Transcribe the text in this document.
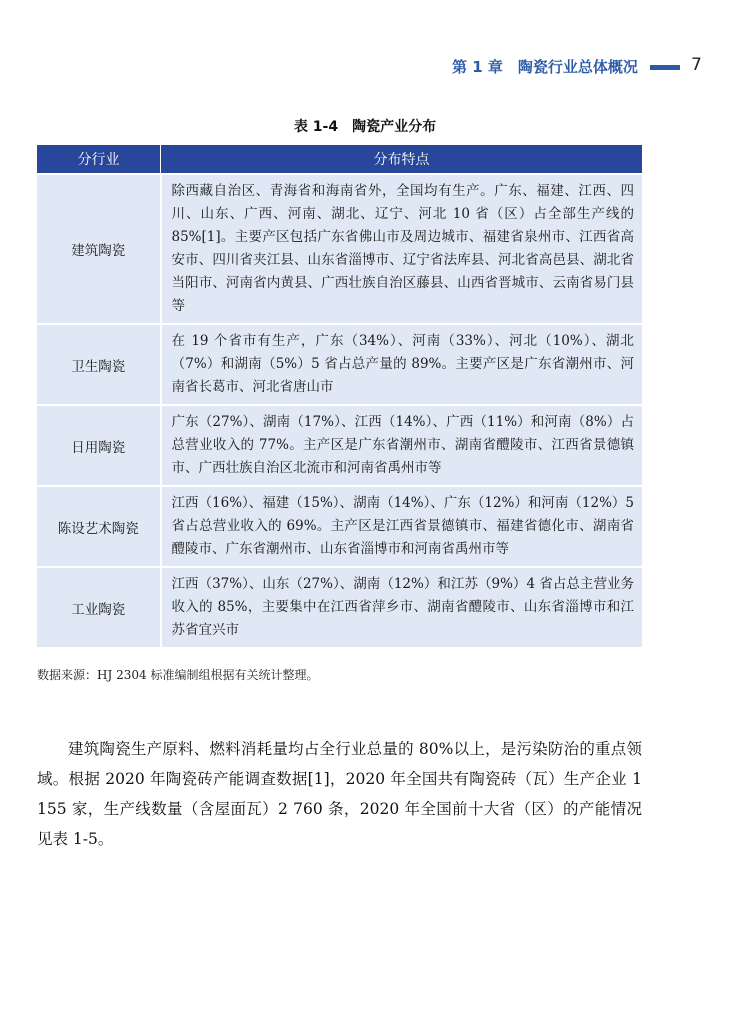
第 1 章　陶瓷行业总体概况	7
表 1-4　陶瓷产业分布
分行业	分布特点
建筑陶瓷	除西藏自治区、青海省和海南省外，全国均有生产。广东、福建、江西、四川、山东、广西、河南、湖北、辽宁、河北 10 省（区）占全部生产线的 85%[1]。主要产区包括广东省佛山市及周边城市、福建省泉州市、江西省高安市、四川省夹江县、山东省淄博市、辽宁省法库县、河北省高邑县、湖北省当阳市、河南省内黄县、广西壮族自治区藤县、山西省晋城市、云南省易门县等
卫生陶瓷	在 19 个省市有生产，广东（34%）、河南（33%）、河北（10%）、湖北（7%）和湖南（5%）5 省占总产量的 89%。主要产区是广东省潮州市、河南省长葛市、河北省唐山市
日用陶瓷	广东（27%）、湖南（17%）、江西（14%）、广西（11%）和河南（8%）占总营业收入的 77%。主产区是广东省潮州市、湖南省醴陵市、江西省景德镇市、广西壮族自治区北流市和河南省禹州市等
陈设艺术陶瓷	江西（16%）、福建（15%）、湖南（14%）、广东（12%）和河南（12%）5 省占总营业收入的 69%。主产区是江西省景德镇市、福建省德化市、湖南省醴陵市、广东省潮州市、山东省淄博市和河南省禹州市等
工业陶瓷	江西（37%）、山东（27%）、湖南（12%）和江苏（9%）4 省占总主营业务收入的 85%，主要集中在江西省萍乡市、湖南省醴陵市、山东省淄博市和江苏省宜兴市
数据来源：HJ 2304 标准编制组根据有关统计整理。

建筑陶瓷生产原料、燃料消耗量均占全行业总量的 80%以上，是污染防治的重点领域。根据 2020 年陶瓷砖产能调查数据[1]，2020 年全国共有陶瓷砖（瓦）生产企业 1 155 家，生产线数量（含屋面瓦）2 760 条，2020 年全国前十大省（区）的产能情况见表 1-5。
